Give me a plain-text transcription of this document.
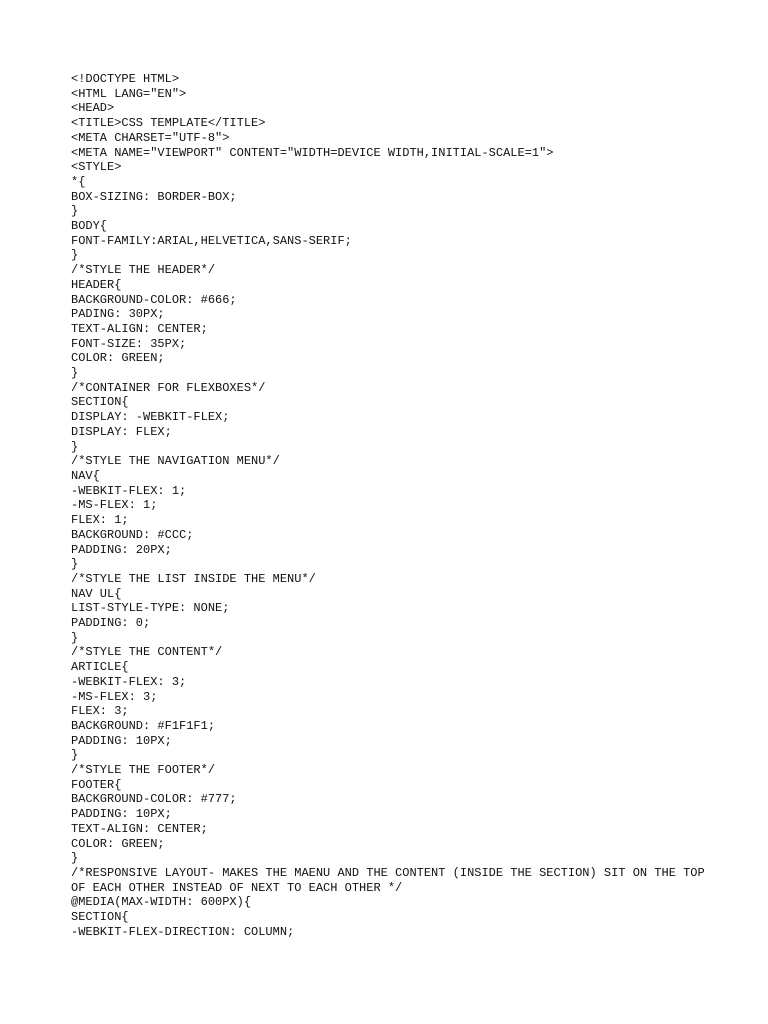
<!DOCTYPE HTML>
<HTML LANG="EN">
<HEAD>
<TITLE>CSS TEMPLATE</TITLE>
<META CHARSET="UTF-8">
<META NAME="VIEWPORT" CONTENT="WIDTH=DEVICE WIDTH,INITIAL-SCALE=1">
<STYLE>
*{
BOX-SIZING: BORDER-BOX;
}
BODY{
FONT-FAMILY:ARIAL,HELVETICA,SANS-SERIF;
}
/*STYLE THE HEADER*/
HEADER{
BACKGROUND-COLOR: #666;
PADING: 30PX;
TEXT-ALIGN: CENTER;
FONT-SIZE: 35PX;
COLOR: GREEN;
}
/*CONTAINER FOR FLEXBOXES*/
SECTION{
DISPLAY: -WEBKIT-FLEX;
DISPLAY: FLEX;
}
/*STYLE THE NAVIGATION MENU*/
NAV{
-WEBKIT-FLEX: 1;
-MS-FLEX: 1;
FLEX: 1;
BACKGROUND: #CCC;
PADDING: 20PX;
}
/*STYLE THE LIST INSIDE THE MENU*/
NAV UL{
LIST-STYLE-TYPE: NONE;
PADDING: 0;
}
/*STYLE THE CONTENT*/
ARTICLE{
-WEBKIT-FLEX: 3;
-MS-FLEX: 3;
FLEX: 3;
BACKGROUND: #F1F1F1;
PADDING: 10PX;
}
/*STYLE THE FOOTER*/
FOOTER{
BACKGROUND-COLOR: #777;
PADDING: 10PX;
TEXT-ALIGN: CENTER;
COLOR: GREEN;
}
/*RESPONSIVE LAYOUT- MAKES THE MAENU AND THE CONTENT (INSIDE THE SECTION) SIT ON THE TOP OF EACH OTHER INSTEAD OF NEXT TO EACH OTHER */
@MEDIA(MAX-WIDTH: 600PX){
SECTION{
-WEBKIT-FLEX-DIRECTION: COLUMN;
